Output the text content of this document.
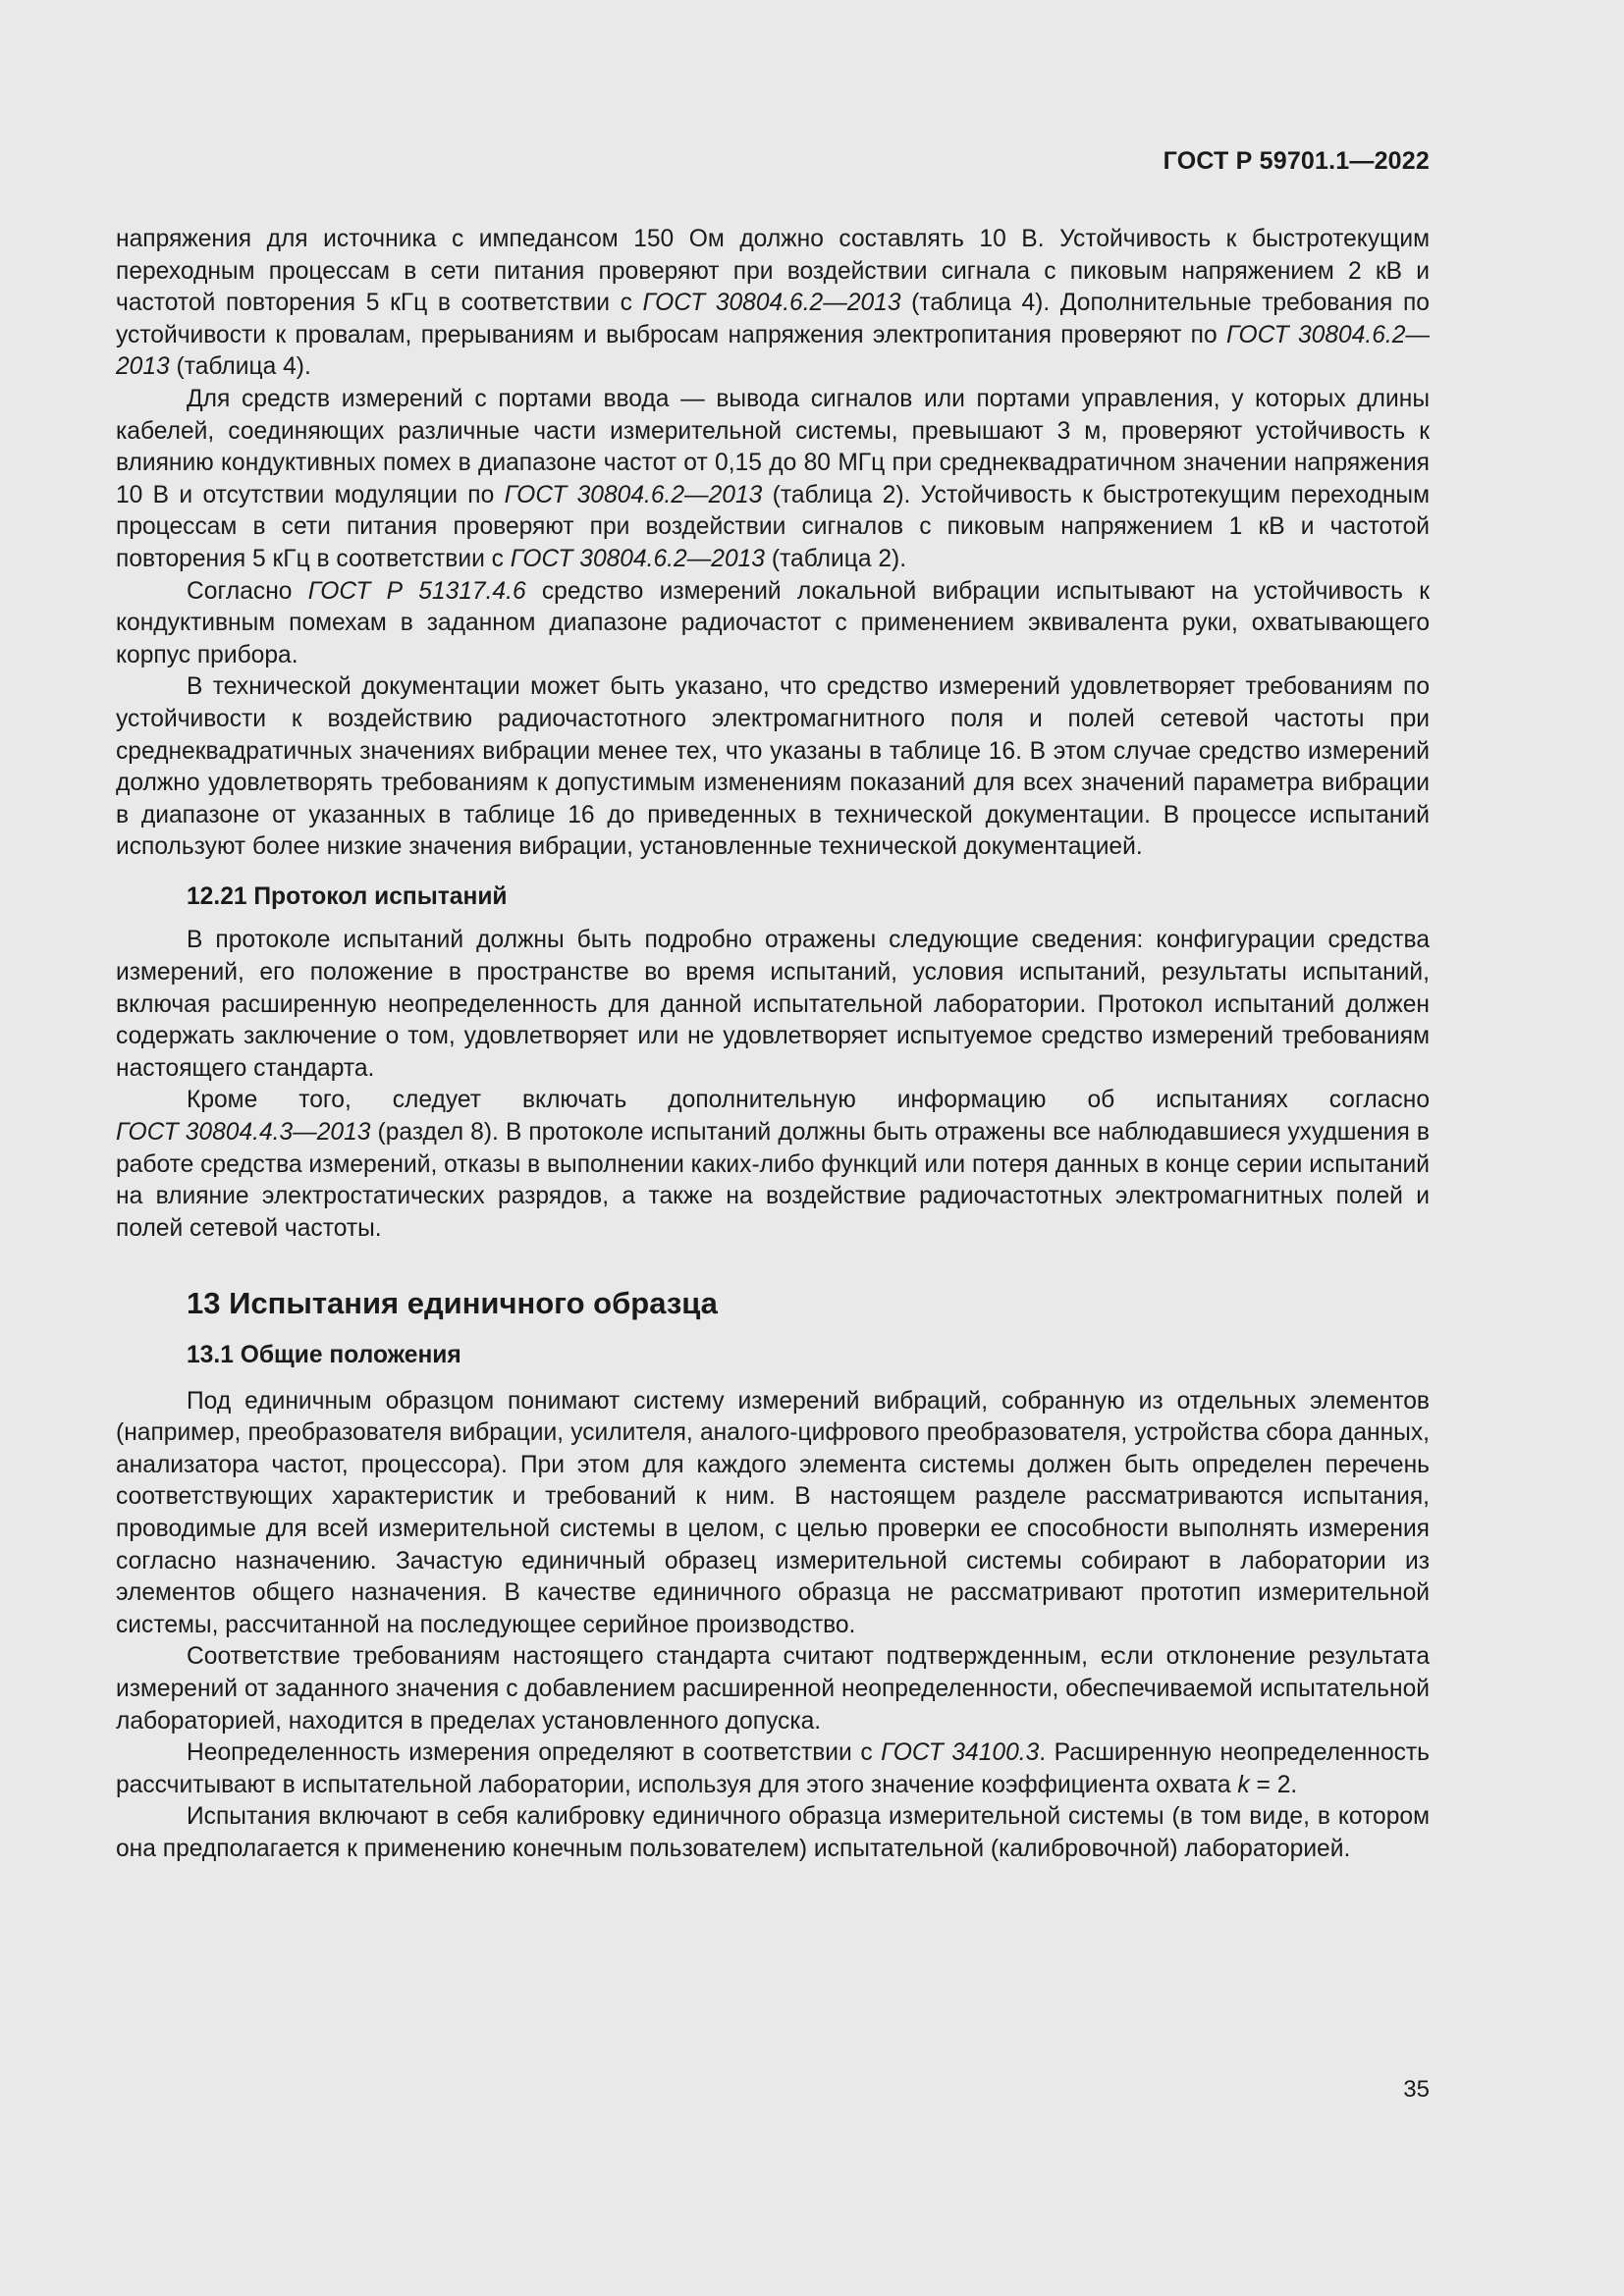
ГОСТ Р 59701.1—2022

напряжения для источника с импедансом 150 Ом должно составлять 10 В. Устойчивость к быстротекущим переходным процессам в сети питания проверяют при воздействии сигнала с пиковым напряжением 2 кВ и частотой повторения 5 кГц в соответствии с ГОСТ 30804.6.2—2013 (таблица 4). Дополнительные требования по устойчивости к провалам, прерываниям и выбросам напряжения электропитания проверяют по ГОСТ 30804.6.2—2013 (таблица 4).

Для средств измерений с портами ввода — вывода сигналов или портами управления, у которых длины кабелей, соединяющих различные части измерительной системы, превышают 3 м, проверяют устойчивость к влиянию кондуктивных помех в диапазоне частот от 0,15 до 80 МГц при среднеквадратичном значении напряжения 10 В и отсутствии модуляции по ГОСТ 30804.6.2—2013 (таблица 2). Устойчивость к быстротекущим переходным процессам в сети питания проверяют при воздействии сигналов с пиковым напряжением 1 кВ и частотой повторения 5 кГц в соответствии с ГОСТ 30804.6.2—2013 (таблица 2).

Согласно ГОСТ Р 51317.4.6 средство измерений локальной вибрации испытывают на устойчивость к кондуктивным помехам в заданном диапазоне радиочастот с применением эквивалента руки, охватывающего корпус прибора.

В технической документации может быть указано, что средство измерений удовлетворяет требованиям по устойчивости к воздействию радиочастотного электромагнитного поля и полей сетевой частоты при среднеквадратичных значениях вибрации менее тех, что указаны в таблице 16. В этом случае средство измерений должно удовлетворять требованиям к допустимым изменениям показаний для всех значений параметра вибрации в диапазоне от указанных в таблице 16 до приведенных в технической документации. В процессе испытаний используют более низкие значения вибрации, установленные технической документацией.

12.21 Протокол испытаний

В протоколе испытаний должны быть подробно отражены следующие сведения: конфигурации средства измерений, его положение в пространстве во время испытаний, условия испытаний, результаты испытаний, включая расширенную неопределенность для данной испытательной лаборатории. Протокол испытаний должен содержать заключение о том, удовлетворяет или не удовлетворяет испытуемое средство измерений требованиям настоящего стандарта.

Кроме того, следует включать дополнительную информацию об испытаниях согласно

ГОСТ 30804.4.3—2013 (раздел 8). В протоколе испытаний должны быть отражены все наблюдавшиеся ухудшения в работе средства измерений, отказы в выполнении каких-либо функций или потеря данных в конце серии испытаний на влияние электростатических разрядов, а также на воздействие радиочастотных электромагнитных полей и полей сетевой частоты.

13 Испытания единичного образца
13.1 Общие положения

Под единичным образцом понимают систему измерений вибраций, собранную из отдельных элементов (например, преобразователя вибрации, усилителя, аналого-цифрового преобразователя, устройства сбора данных, анализатора частот, процессора). При этом для каждого элемента системы должен быть определен перечень соответствующих характеристик и требований к ним. В настоящем разделе рассматриваются испытания, проводимые для всей измерительной системы в целом, с целью проверки ее способности выполнять измерения согласно назначению. Зачастую единичный образец измерительной системы собирают в лаборатории из элементов общего назначения. В качестве единичного образца не рассматривают прототип измерительной системы, рассчитанной на последующее серийное производство.

Соответствие требованиям настоящего стандарта считают подтвержденным, если отклонение результата измерений от заданного значения с добавлением расширенной неопределенности, обеспечиваемой испытательной лабораторией, находится в пределах установленного допуска.

Неопределенность измерения определяют в соответствии с ГОСТ 34100.3. Расширенную неопределенность рассчитывают в испытательной лаборатории, используя для этого значение коэффициента охвата k = 2.

Испытания включают в себя калибровку единичного образца измерительной системы (в том виде, в котором она предполагается к применению конечным пользователем) испытательной (калибровочной) лабораторией.

35
